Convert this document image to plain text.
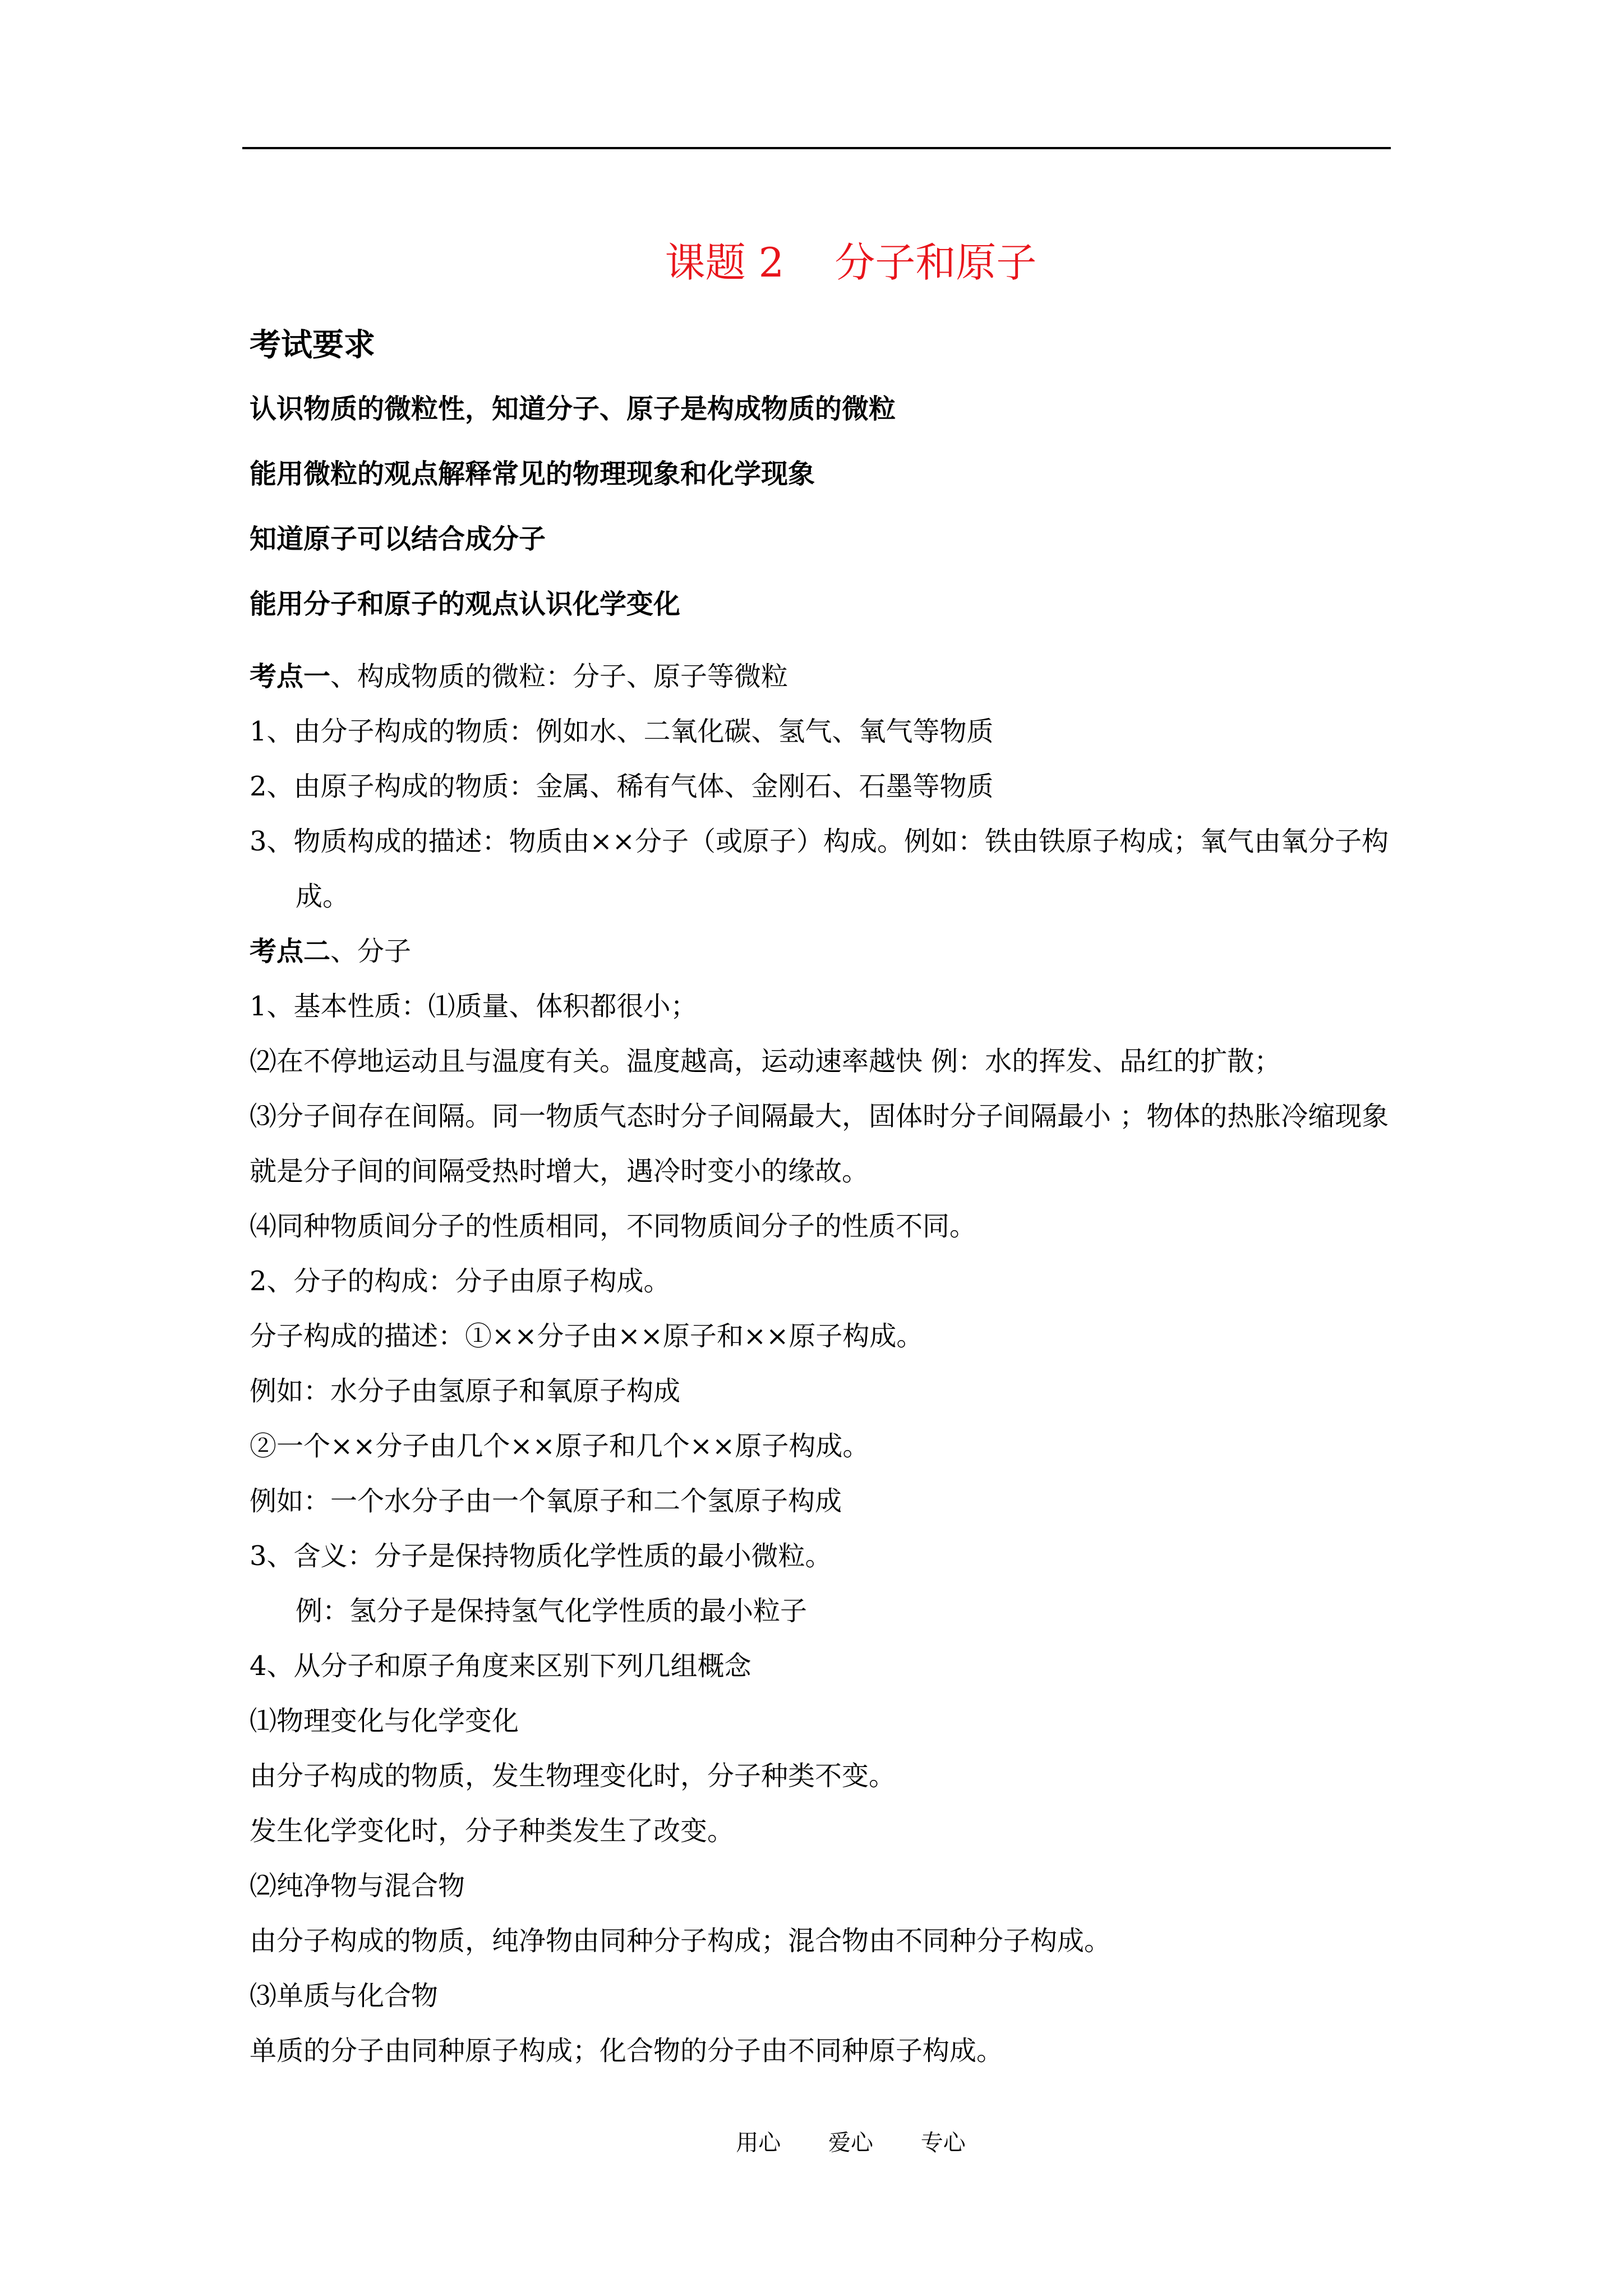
课题 2 分子和原子
考试要求
认识物质的微粒性，知道分子、原子是构成物质的微粒
能用微粒的观点解释常见的物理现象和化学现象
知道原子可以结合成分子
能用分子和原子的观点认识化学变化
考点一、构成物质的微粒：分子、原子等微粒
1、由分子构成的物质：例如水、二氧化碳、氢气、氧气等物质
2、由原子构成的物质：金属、稀有气体、金刚石、石墨等物质
3、物质构成的描述：物质由××分子（或原子）构成。例如：铁由铁原子构成；氧气由氧分子构成。
考点二、分子
1、基本性质：⑴质量、体积都很小；
⑵在不停地运动且与温度有关。温度越高，运动速率越快 例：水的挥发、品红的扩散；
⑶分子间存在间隔。同一物质气态时分子间隔最大，固体时分子间隔最小 ；物体的热胀冷缩现象就是分子间的间隔受热时增大，遇冷时变小的缘故。
⑷同种物质间分子的性质相同，不同物质间分子的性质不同。
2、分子的构成：分子由原子构成。
分子构成的描述：①××分子由××原子和××原子构成。
例如：水分子由氢原子和氧原子构成
②一个××分子由几个××原子和几个××原子构成。
例如：一个水分子由一个氧原子和二个氢原子构成
3、含义：分子是保持物质化学性质的最小微粒。
例：氢分子是保持氢气化学性质的最小粒子
4、从分子和原子角度来区别下列几组概念
⑴物理变化与化学变化
由分子构成的物质，发生物理变化时，分子种类不变。
发生化学变化时，分子种类发生了改变。
⑵纯净物与混合物
由分子构成的物质，纯净物由同种分子构成；混合物由不同种分子构成。
⑶单质与化合物
单质的分子由同种原子构成；化合物的分子由不同种原子构成。
用心 爱心 专心
